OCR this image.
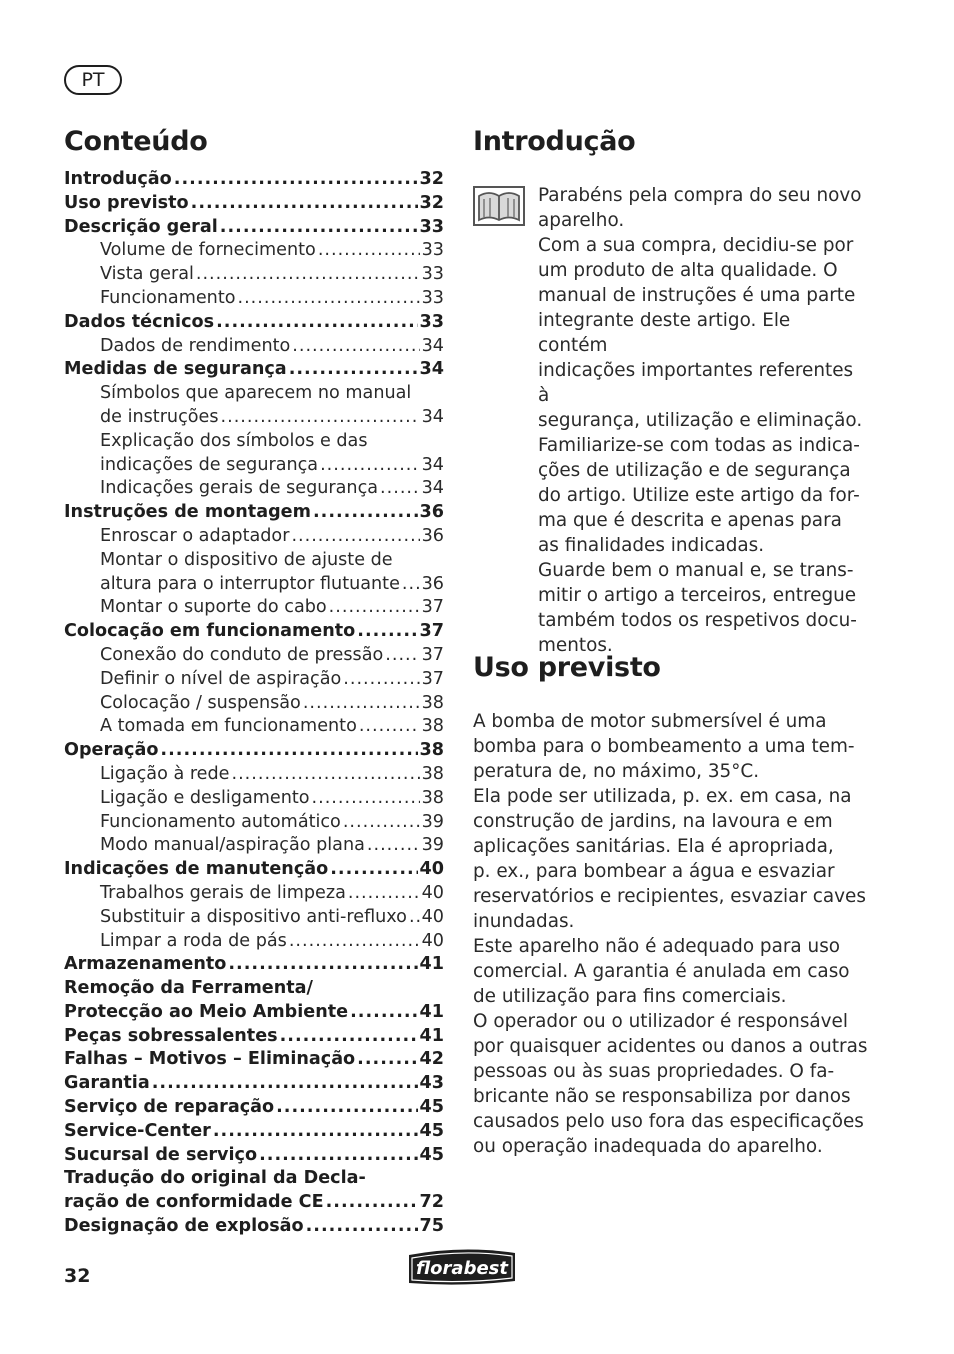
PT
Conteúdo
Introdução .....	32
Uso previsto .....	32
Descrição geral .....	33
Volume de fornecimento .....	33
Vista geral .....	33
Funcionamento .....	33
Dados técnicos .....	33
Dados de rendimento .....	34
Medidas de segurança .....	34
Símbolos que aparecem no manual
de instruções .....	34
Explicação dos símbolos e das
indicações de segurança .....	34
Indicações gerais de segurança ..... 34
Instruções de montagem .....	36
Enroscar o adaptador .....	36
Montar o dispositivo de ajuste de
altura para o interruptor flutuante ..... 36
Montar o suporte do cabo .....	37
Colocação em funcionamento .....	37
Conexão do conduto de pressão ..... 37
Definir o nível de aspiração .....	37
Colocação / suspensão .....	38
A tomada em funcionamento .....	38
Operação .....	38
Ligação à rede .....	38
Ligação e desligamento .....	38
Funcionamento automático .....	39
Modo manual/aspiração plana .....	39
Indicações de manutenção .....	40
Trabalhos gerais de limpeza .....	40
Substituir a dispositivo anti-refluxo ..... 40
Limpar a roda de pás .....	40
Armazenamento .....	41
Remoção da Ferramenta/
Protecção ao Meio Ambiente .....	41
Peças sobressalentes .....	41
Falhas – Motivos – Eliminação .....	42
Garantia .....	43
Serviço de reparação .....	45
Service-Center .....	45
Sucursal de serviço .....	45
Tradução do original da Decla-
ração de conformidade CE .....	72
Designação de explosão .....	75
Introdução

Parabéns pela compra do seu novo

aparelho.

Com a sua compra, decidiu-se por

um produto de alta qualidade. O

manual de instruções é uma parte

integrante deste artigo. Ele contém

indicações importantes referentes à

segurança, utilização e eliminação.

Familiarize-se com todas as indica-

ções de utilização e de segurança

do artigo. Utilize este artigo da for-

ma que é descrita e apenas para

as finalidades indicadas.

Guarde bem o manual e, se trans-

mitir o artigo a terceiros, entregue

também todos os respetivos docu-

mentos.

Uso previsto

A bomba de motor submersível é uma

bomba para o bombeamento a uma tem-

peratura de, no máximo, 35°C.

Ela pode ser utilizada, p. ex. em casa, na

construção de jardins, na lavoura e em

aplicações sanitárias. Ela é apropriada,

p. ex., para bombear a água e esvaziar

reservatórios e recipientes, esvaziar caves

inundadas.

Este aparelho não é adequado para uso

comercial. A garantia é anulada em caso

de utilização para fins comerciais.

O operador ou o utilizador é responsável

por quaisquer acidentes ou danos a outras

pessoas ou às suas propriedades. O fa-

bricante não se responsabiliza por danos

causados pelo uso fora das especificações

ou operação inadequada do aparelho.

32	florabest
